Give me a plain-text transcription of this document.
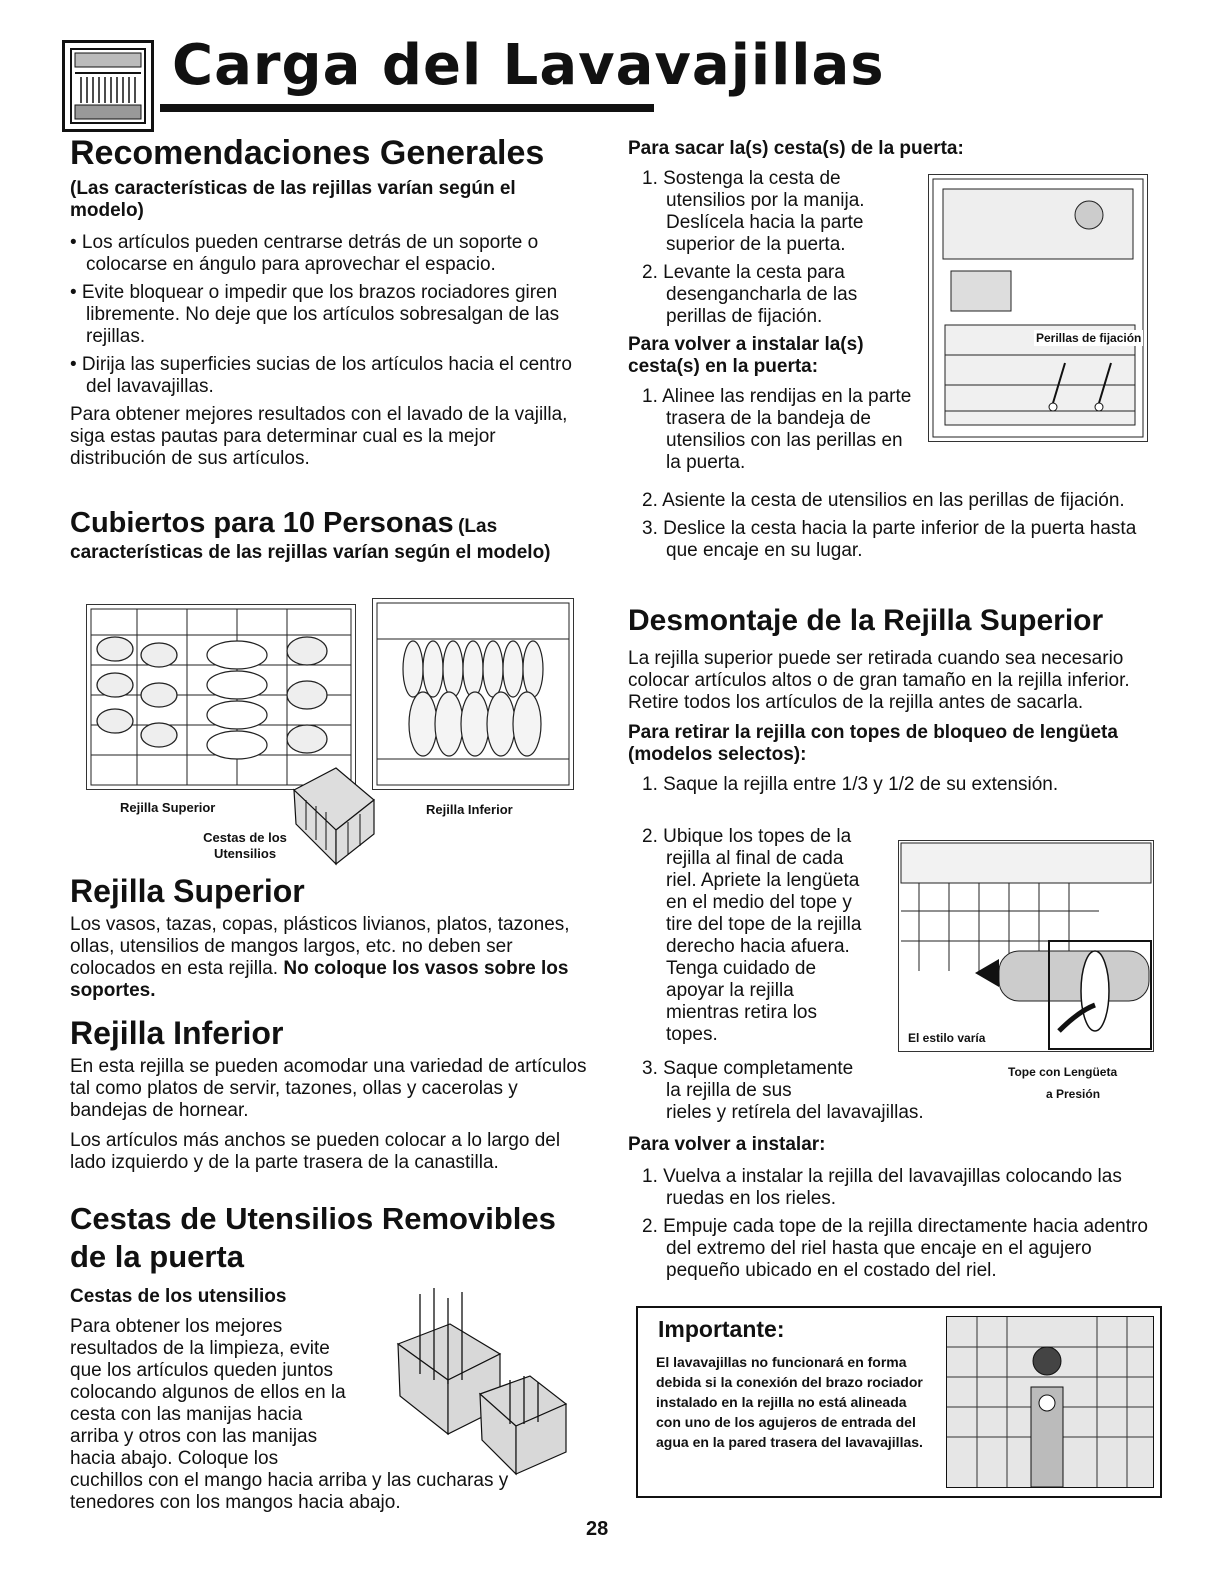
Carga del Lavavajillas
Recomendaciones Generales
(Las características de las rejillas varían según el modelo)
• Los artículos pueden centrarse detrás de un soporte o colocarse en ángulo para aprovechar el espacio.
• Evite bloquear o impedir que los brazos rociadores giren libremente. No deje que los artículos sobresalgan de las rejillas.
• Dirija las superficies sucias de los artículos hacia el centro del lavavajillas.

Para obtener mejores resultados con el lavado de la vajilla, siga estas pautas para determinar cual es la mejor distribución de sus artículos.

Cubiertos para 10 Personas (Las
características de las rejillas varían según el modelo)
Rejilla Superior	Rejilla Inferior
Cestas de los Utensilios
Rejilla Superior

Los vasos, tazas, copas, plásticos livianos, platos, tazones, ollas, utensilios de mangos largos, etc. no deben ser colocados en esta rejilla. No coloque los vasos sobre los soportes.

Rejilla Inferior

En esta rejilla se pueden acomodar una variedad de artículos tal como platos de servir, tazones, ollas y cacerolas y bandejas de hornear.

Los artículos más anchos se pueden colocar a lo largo del lado izquierdo y de la parte trasera de la canastilla.

Cestas de Utensilios Removibles
de la puerta
Cestas de los utensilios

Para obtener los mejores

resultados de la limpieza, evite

que los artículos queden juntos

colocando algunos de ellos en la

cesta con las manijas hacia

arriba y otros con las manijas

hacia abajo. Coloque los

cuchillos con el mango hacia arriba y las cucharas y

tenedores con los mangos hacia abajo.

Para sacar la(s) cesta(s) de la puerta:
1. Sostenga la cesta de utensilios por la manija. Deslícela hacia la parte superior de la puerta.
2. Levante la cesta para desengancharla de las perillas de fijación.
Para volver a instalar la(s) cesta(s) en la puerta:
1. Alinee las rendijas en la parte trasera de la bandeja de utensilios con las perillas en la puerta.
Perillas de fijación
2. Asiente la cesta de utensilios en las perillas de fijación.
3. Deslice la cesta hacia la parte inferior de la puerta hasta que encaje en su lugar.
Desmontaje de la Rejilla Superior

La rejilla superior puede ser retirada cuando sea necesario colocar artículos altos o de gran tamaño en la rejilla inferior. Retire todos los artículos de la rejilla antes de sacarla.

Para retirar la rejilla con topes de bloqueo de lengüeta (modelos selectos):
1. Saque la rejilla entre 1/3 y 1/2 de su extensión.

2. Ubique los topes de la

rejilla al final de cada

riel. Apriete la lengüeta

en el medio del tope y

tire del tope de la rejilla

derecho hacia afuera.

Tenga cuidado de

apoyar la rejilla

mientras retira los

topes.	El estilo varía
Tope con Lengüeta
a Presión

3. Saque completamente

la rejilla de sus

rieles y retírela del lavavajillas.

Para volver a instalar:
1. Vuelva a instalar la rejilla del lavavajillas colocando las ruedas en los rieles.
2. Empuje cada tope de la rejilla directamente hacia adentro del extremo del riel hasta que encaje en el agujero pequeño ubicado en el costado del riel.
Importante:
El lavavajillas no funcionará en forma debida si la conexión del brazo rociador instalado en la rejilla no está alineada con uno de los agujeros de entrada del agua en la pared trasera del lavavajillas.
28
